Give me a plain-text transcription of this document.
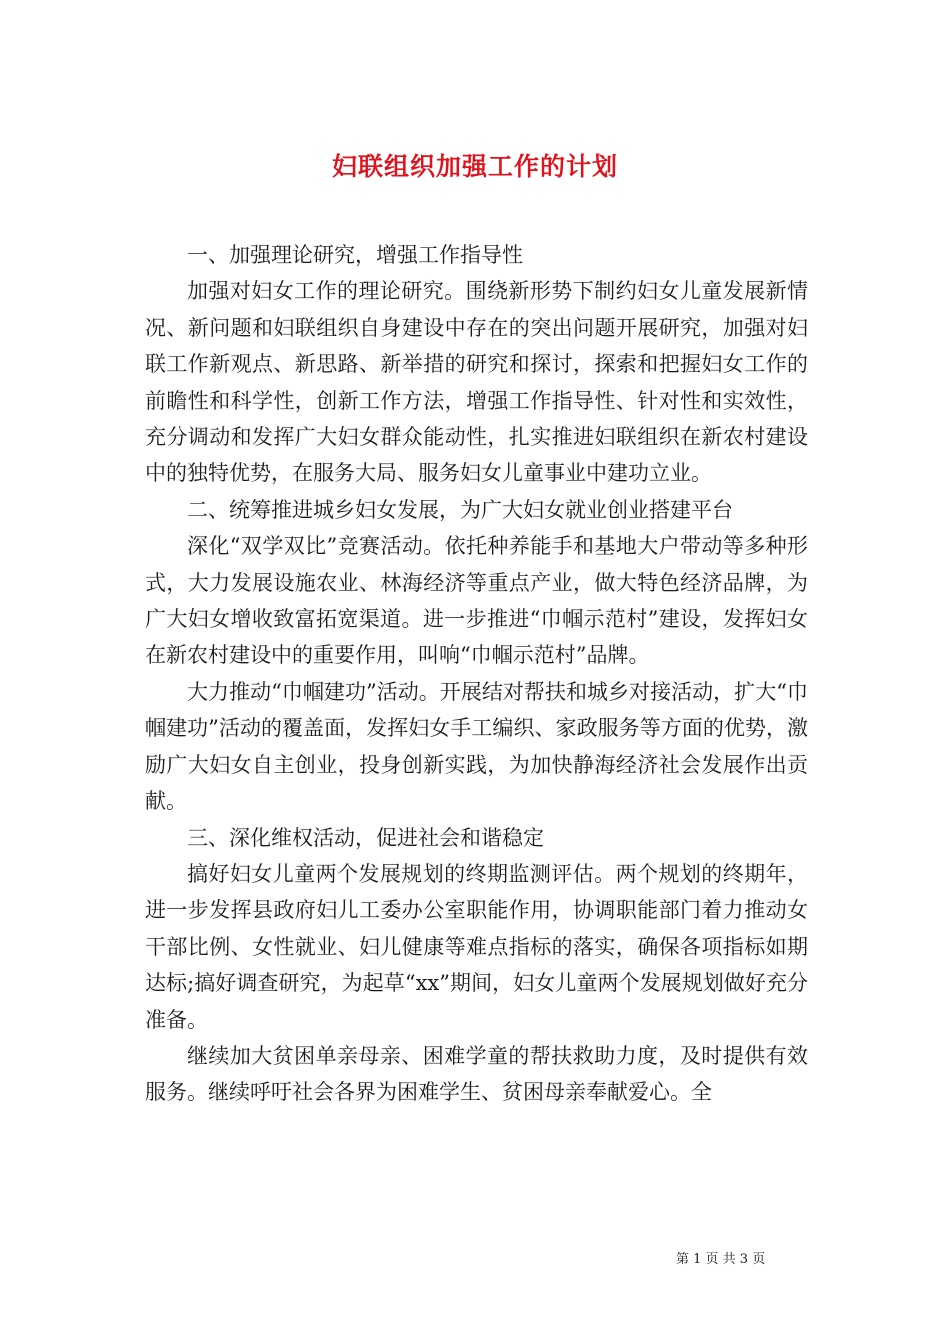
妇联组织加强工作的计划

一、加强理论研究，增强工作指导性

加强对妇女工作的理论研究。围绕新形势下制约妇女儿童发展新情况、新问题和妇联组织自身建设中存在的突出问题开展研究，加强对妇联工作新观点、新思路、新举措的研究和探讨，探索和把握妇女工作的前瞻性和科学性，创新工作方法，增强工作指导性、针对性和实效性，充分调动和发挥广大妇女群众能动性，扎实推进妇联组织在新农村建设中的独特优势，在服务大局、服务妇女儿童事业中建功立业。

二、统筹推进城乡妇女发展，为广大妇女就业创业搭建平台

深化“双学双比”竞赛活动。依托种养能手和基地大户带动等多种形式，大力发展设施农业、林海经济等重点产业，做大特色经济品牌，为广大妇女增收致富拓宽渠道。进一步推进“巾帼示范村”建设，发挥妇女在新农村建设中的重要作用，叫响“巾帼示范村”品牌。

大力推动“巾帼建功”活动。开展结对帮扶和城乡对接活动，扩大“巾帼建功”活动的覆盖面，发挥妇女手工编织、家政服务等方面的优势，激励广大妇女自主创业，投身创新实践，为加快静海经济社会发展作出贡献。

三、深化维权活动，促进社会和谐稳定

搞好妇女儿童两个发展规划的终期监测评估。两个规划的终期年，进一步发挥县政府妇儿工委办公室职能作用，协调职能部门着力推动女干部比例、女性就业、妇儿健康等难点指标的落实，确保各项指标如期达标;搞好调查研究，为起草“xx”期间，妇女儿童两个发展规划做好充分准备。

继续加大贫困单亲母亲、困难学童的帮扶救助力度，及时提供有效服务。继续呼吁社会各界为困难学生、贫困母亲奉献爱心。全

第 1 页 共 3 页
